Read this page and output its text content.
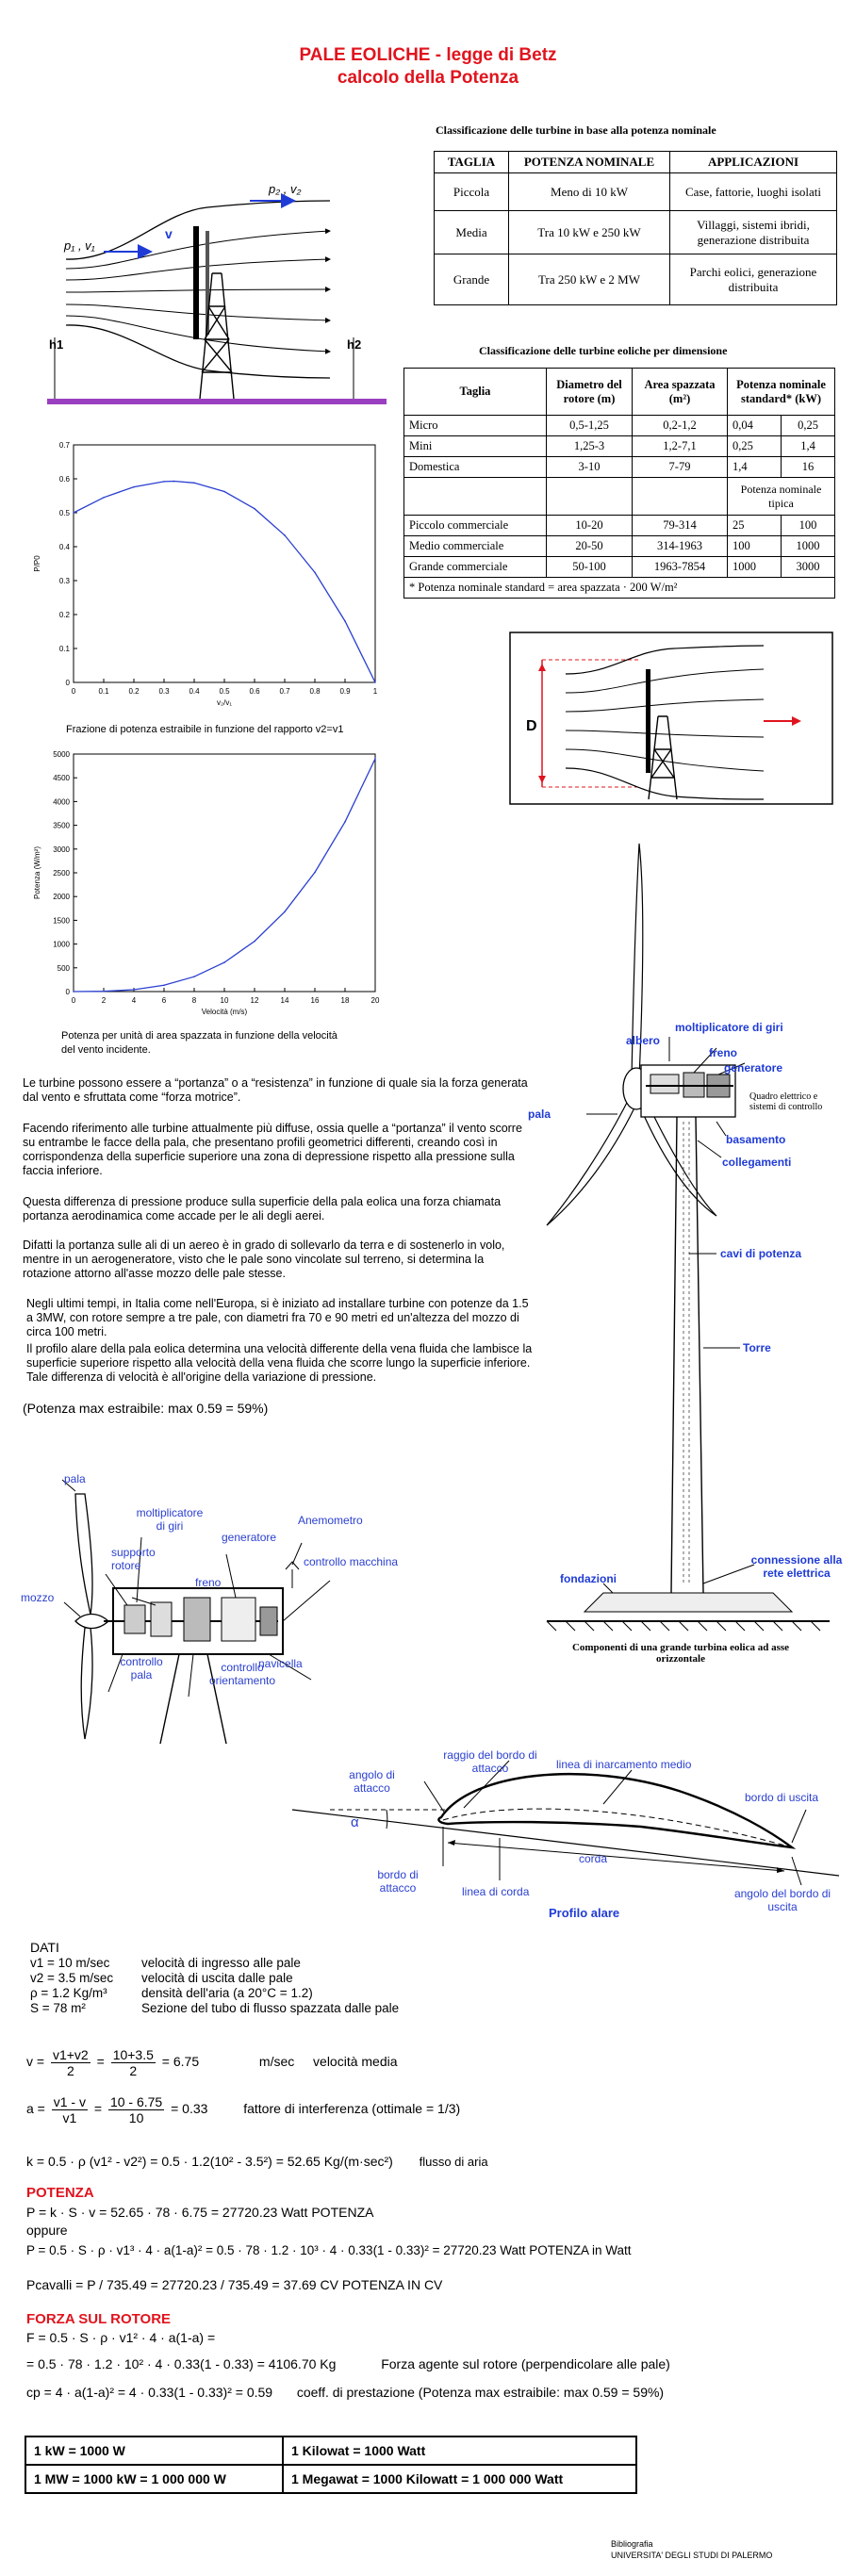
PALE EOLICHE - legge di Betz
calcolo della Potenza
p₁ , v₁
v
p₂ , v₂
h1	h2
Classificazione delle turbine in base alla potenza nominale
TAGLIA	POTENZA NOMINALE	APPLICAZIONI
Piccola	Meno di 10 kW	Case, fattorie, luoghi isolati
Media	Tra 10 kW e 250 kW	Villaggi, sistemi ibridi, generazione distribuita
Grande	Tra 250 kW e 2 MW	Parchi eolici, generazione distribuita
Classificazione delle turbine eoliche per dimensione
Taglia	Diametro del rotore (m)	Area spazzata (m²)	Potenza nominale standard* (kW)	
Micro	0,5-1,25	0,2-1,2	0,04	0,25
Mini	1,25-3	1,2-7,1	0,25	1,4
Domestica	3-10	7-79	1,4	16
			Potenza nominale tipica	
Piccolo commerciale	10-20	79-314	25	100
Medio commerciale	20-50	314-1963	100	1000
Grande commerciale	50-100	1963-7854	1000	3000
* Potenza nominale standard = area spazzata · 200 W/m²				
0	0.1	0.2	0.3	0.4	0.5	0.6	0.7	0.8	0.9	1
0
0.1
0.2
0.3
0.4
0.5
0.6
0.7
v₂/v₁
P/P0
Frazione di potenza estraibile in funzione del rapporto v2=v1	D
0	2	4	6	8	10	12	14	16	18	20
0
500
1000
1500
2000
2500
3000
3500
4000
4500
5000
Velocità (m/s)
Potenza (W/m²)
Potenza per unità di area spazzata in funzione della velocità
del vento incidente.
moltiplicatore di giri
albero
freno
generatore
Quadro elettrico e sistemi di controllo
pala
basamento
collegamenti
cavi di potenza
Torre
connessione alla rete elettrica
fondazioni
Componenti di una grande turbina eolica ad asse orizzontale
Le turbine possono essere a “portanza” o a “resistenza” in funzione di quale sia la forza generata dal vento e sfruttata come “forza motrice”.
Facendo riferimento alle turbine attualmente più diffuse, ossia quelle a “portanza” il vento scorre su entrambe le facce della pala, che presentano profili geometrici differenti, creando così in corrispondenza della superficie superiore una zona di depressione rispetto alla pressione sulla faccia inferiore.
Questa differenza di pressione produce sulla superficie della pala eolica una forza chiamata portanza aerodinamica come accade per le ali degli aerei.
Difatti la portanza sulle ali di un aereo è in grado di sollevarlo da terra e di sostenerlo in volo, mentre in un aerogeneratore, visto che le pale sono vincolate sul terreno, si determina la rotazione attorno all'asse mozzo delle pale stesse.
Negli ultimi tempi, in Italia come nell'Europa, si è iniziato ad installare turbine con potenze da 1.5 a 3MW, con rotore sempre a tre pale, con diametri fra 70 e 90 metri ed un'altezza del mozzo di circa 100 metri.
Il profilo alare della pala eolica determina una velocità differente della vena fluida che lambisce la superficie superiore rispetto alla velocità della vena fluida che scorre lungo la superficie inferiore. Tale differenza di velocità è all'origine della variazione di pressione.
(Potenza max estraibile: max 0.59 = 59%)
pala
mozzo
moltiplicatore di giri
supporto rotore
freno
generatore
Anemometro
controllo macchina
navicella
controllo pala
controllo orientamento
angolo di attacco
α
raggio del bordo di attacco	linea di inarcamento medio
bordo di uscita
corda
bordo di attacco	linea di corda	angolo del bordo di uscita
Profilo alare
DATI
v1 = 10 m/sec velocità di ingresso alle pale
v2 = 3.5 m/sec velocità di uscita dalle pale
ρ = 1.2 Kg/m³	densità dell'aria (a 20°C = 1.2)
S = 78 m²	Sezione del tubo di flusso spazzata dalle pale
$v = \frac{v1+v2}{2} = \frac{10+3.5}{2} = 6.75$	m/sec velocità media
$a = \frac{v1 - v}{v1} = \frac{10 - 6.75}{10} = 0.33$	fattore di interferenza (ottimale = 1/3)
k = 0.5 · ρ (v1² - v2²) = 0.5 · 1.2(10² - 3.5²) = 52.65 Kg/(m·sec²) flusso di aria
POTENZA
P = k · S · v = 52.65 · 78 · 6.75 = 27720.23 Watt POTENZA
oppure
P = 0.5 · S · ρ · v1³ · 4 · a(1-a)² = 0.5 · 78 · 1.2 · 10³ · 4 · 0.33(1 - 0.33)² = 27720.23 Watt POTENZA in Watt
Pcavalli = P / 735.49 = 27720.23 / 735.49 = 37.69 CV POTENZA IN CV
FORZA SUL ROTORE
F = 0.5 · S · ρ · v1² · 4 · a(1-a) =
= 0.5 · 78 · 1.2 · 10² · 4 · 0.33(1 - 0.33) = 4106.70 Kg	Forza agente sul rotore (perpendicolare alle pale)
cp = 4 · a(1-a)² = 4 · 0.33(1 - 0.33)² = 0.59 coeff. di prestazione (Potenza max estraibile: max 0.59 = 59%)
1 kW = 1000 W	1 Kilowat = 1000 Watt
1 MW = 1000 kW = 1 000 000 W	1 Megawat = 1000 Kilowatt = 1 000 000 Watt
Bibliografia
UNIVERSITA' DEGLI STUDI DI PALERMO
